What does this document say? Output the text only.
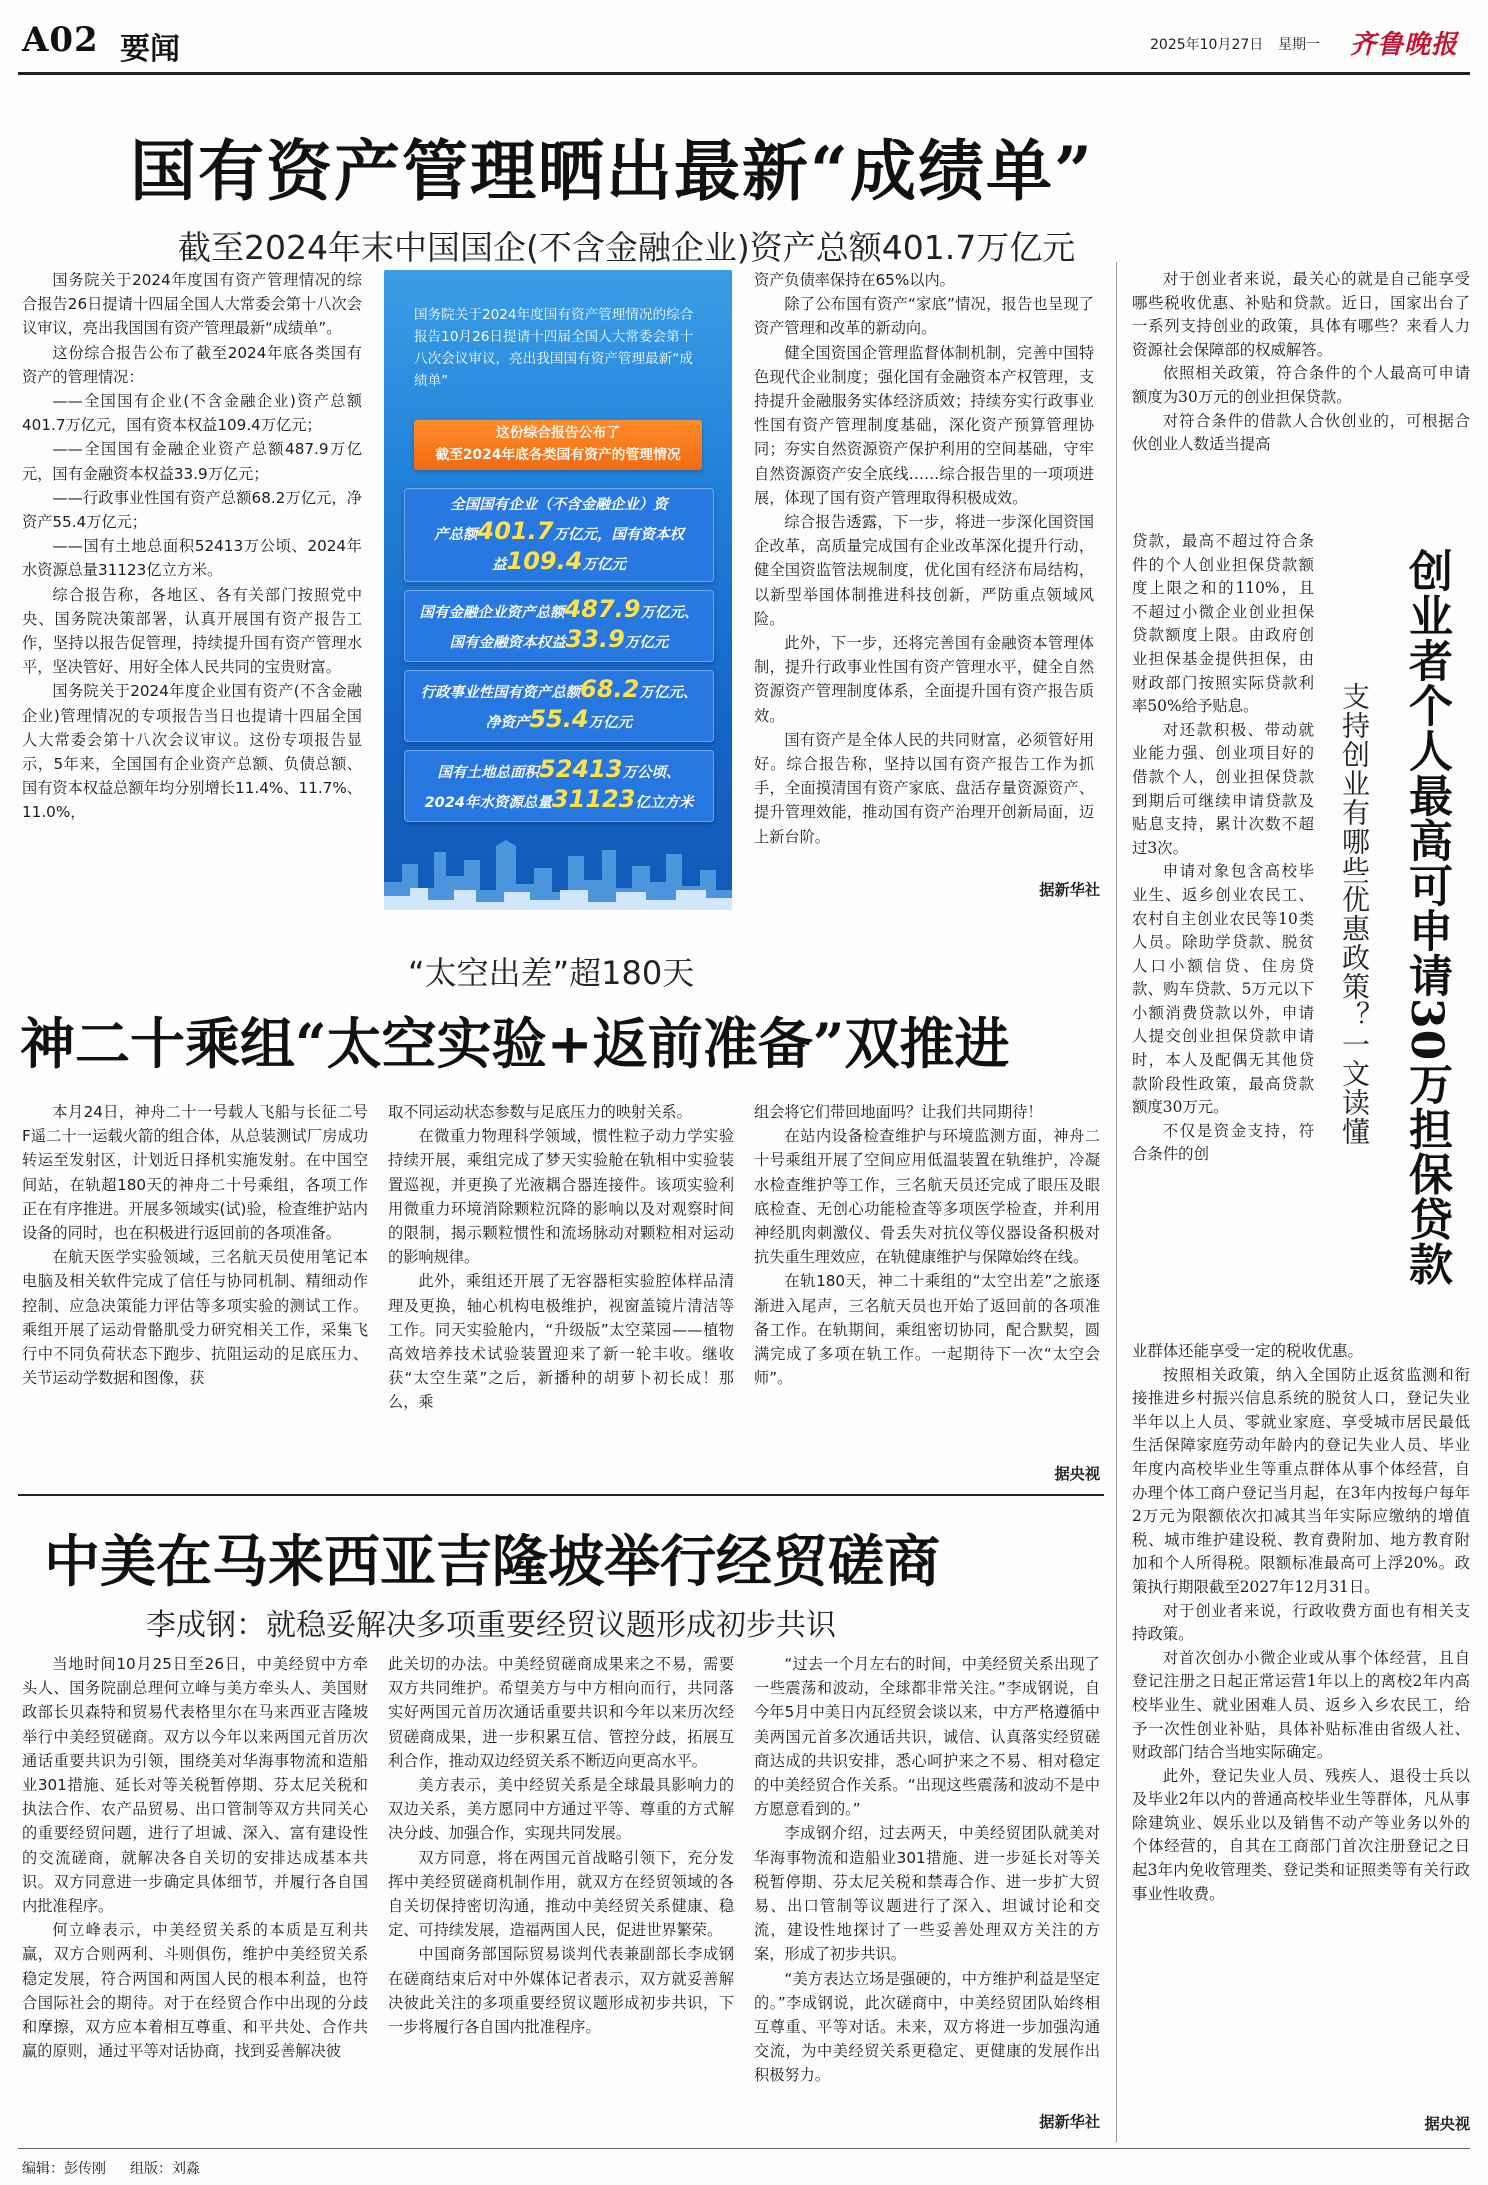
A02 要闻	2025年10月27日 星期一 齐鲁晚报
国有资产管理晒出最新“成绩单”
截至2024年末中国国企(不含金融企业)资产总额401.7万亿元

国务院关于2024年度国有资产管理情况的综合报告26日提请十四届全国人大常委会第十八次会议审议，亮出我国国有资产管理最新“成绩单”。

这份综合报告公布了截至2024年底各类国有资产的管理情况：

——全国国有企业(不含金融企业)资产总额401.7万亿元，国有资本权益109.4万亿元；

——全国国有金融企业资产总额487.9万亿元，国有金融资本权益33.9万亿元；

——行政事业性国有资产总额68.2万亿元，净资产55.4万亿元；

——国有土地总面积52413万公顷、2024年水资源总量31123亿立方米。

综合报告称，各地区、各有关部门按照党中央、国务院决策部署，认真开展国有资产报告工作，坚持以报告促管理，持续提升国有资产管理水平，坚决管好、用好全体人民共同的宝贵财富。

国务院关于2024年度企业国有资产(不含金融企业)管理情况的专项报告当日也提请十四届全国人大常委会第十八次会议审议。这份专项报告显示，5年来，全国国有企业资产总额、负债总额、国有资本权益总额年均分别增长11.4%、11.7%、11.0%，

国务院关于2024年度国有资产管理情况的综合报告10月26日提请十四届全国人大常委会第十八次会议审议，亮出我国国有资产管理最新“成绩单”
这份综合报告公布了
截至2024年底各类国有资产的管理情况
全国国有企业（不含金融企业）资
产总额401.7万亿元，国有资本权
益109.4万亿元
国有金融企业资产总额487.9万亿元、
国有金融资本权益33.9万亿元
行政事业性国有资产总额68.2万亿元、
净资产55.4万亿元
国有土地总面积52413万公顷、
2024年水资源总量31123亿立方米

资产负债率保持在65%以内。

除了公布国有资产“家底”情况，报告也呈现了资产管理和改革的新动向。

健全国资国企管理监督体制机制，完善中国特色现代企业制度；强化国有金融资本产权管理，支持提升金融服务实体经济质效；持续夯实行政事业性国有资产管理制度基础，深化资产预算管理协同；夯实自然资源资产保护利用的空间基础，守牢自然资源资产安全底线……综合报告里的一项项进展，体现了国有资产管理取得积极成效。

综合报告透露，下一步，将进一步深化国资国企改革，高质量完成国有企业改革深化提升行动，健全国资监管法规制度，优化国有经济布局结构，以新型举国体制推进科技创新，严防重点领域风险。

此外，下一步，还将完善国有金融资本管理体制，提升行政事业性国有资产管理水平，健全自然资源资产管理制度体系，全面提升国有资产报告质效。

国有资产是全体人民的共同财富，必须管好用好。综合报告称，坚持以国有资产报告工作为抓手，全面摸清国有资产家底、盘活存量资源资产、提升管理效能，推动国有资产治理开创新局面，迈上新台阶。

据新华社
“太空出差”超180天
神二十乘组“太空实验+返前准备”双推进

本月24日，神舟二十一号载人飞船与长征二号F遥二十一运载火箭的组合体，从总装测试厂房成功转运至发射区，计划近日择机实施发射。在中国空间站，在轨超180天的神舟二十号乘组，各项工作正在有序推进。开展多领域实(试)验，检查维护站内设备的同时，也在积极进行返回前的各项准备。

在航天医学实验领域，三名航天员使用笔记本电脑及相关软件完成了信任与协同机制、精细动作控制、应急决策能力评估等多项实验的测试工作。乘组开展了运动骨骼肌受力研究相关工作，采集飞行中不同负荷状态下跑步、抗阻运动的足底压力、关节运动学数据和图像，获

取不同运动状态参数与足底压力的映射关系。

在微重力物理科学领域，惯性粒子动力学实验持续开展，乘组完成了梦天实验舱在轨相中实验装置巡视，并更换了光液耦合器连接件。该项实验利用微重力环境消除颗粒沉降的影响以及对观察时间的限制，揭示颗粒惯性和流场脉动对颗粒相对运动的影响规律。

此外，乘组还开展了无容器柜实验腔体样品清理及更换，轴心机构电极维护，视窗盖镜片清洁等工作。同天实验舱内，“升级版”太空菜园——植物高效培养技术试验装置迎来了新一轮丰收。继收获“太空生菜”之后，新播种的胡萝卜初长成！那么，乘

组会将它们带回地面吗？让我们共同期待！

在站内设备检查维护与环境监测方面，神舟二十号乘组开展了空间应用低温装置在轨维护，冷凝水检查维护等工作，三名航天员还完成了眼压及眼底检查、无创心功能检查等多项医学检查，并利用神经肌肉刺激仪、骨丢失对抗仪等仪器设备积极对抗失重生理效应，在轨健康维护与保障始终在线。

在轨180天，神二十乘组的“太空出差”之旅逐渐进入尾声，三名航天员也开始了返回前的各项准备工作。在轨期间，乘组密切协同，配合默契，圆满完成了多项在轨工作。一起期待下一次“太空会师”。

据央视
中美在马来西亚吉隆坡举行经贸磋商
李成钢：就稳妥解决多项重要经贸议题形成初步共识

当地时间10月25日至26日，中美经贸中方牵头人、国务院副总理何立峰与美方牵头人、美国财政部长贝森特和贸易代表格里尔在马来西亚吉隆坡举行中美经贸磋商。双方以今年以来两国元首历次通话重要共识为引领，围绕美对华海事物流和造船业301措施、延长对等关税暂停期、芬太尼关税和执法合作、农产品贸易、出口管制等双方共同关心的重要经贸问题，进行了坦诚、深入、富有建设性的交流磋商，就解决各自关切的安排达成基本共识。双方同意进一步确定具体细节，并履行各自国内批准程序。

何立峰表示，中美经贸关系的本质是互利共赢，双方合则两利、斗则俱伤，维护中美经贸关系稳定发展，符合两国和两国人民的根本利益，也符合国际社会的期待。对于在经贸合作中出现的分歧和摩擦，双方应本着相互尊重、和平共处、合作共赢的原则，通过平等对话协商，找到妥善解决彼

此关切的办法。中美经贸磋商成果来之不易，需要双方共同维护。希望美方与中方相向而行，共同落实好两国元首历次通话重要共识和今年以来历次经贸磋商成果，进一步积累互信、管控分歧，拓展互利合作，推动双边经贸关系不断迈向更高水平。

美方表示，美中经贸关系是全球最具影响力的双边关系，美方愿同中方通过平等、尊重的方式解决分歧、加强合作，实现共同发展。

双方同意，将在两国元首战略引领下，充分发挥中美经贸磋商机制作用，就双方在经贸领域的各自关切保持密切沟通，推动中美经贸关系健康、稳定、可持续发展，造福两国人民，促进世界繁荣。

中国商务部国际贸易谈判代表兼副部长李成钢在磋商结束后对中外媒体记者表示，双方就妥善解决彼此关注的多项重要经贸议题形成初步共识，下一步将履行各自国内批准程序。

“过去一个月左右的时间，中美经贸关系出现了一些震荡和波动，全球都非常关注。”李成钢说，自今年5月中美日内瓦经贸会谈以来，中方严格遵循中美两国元首多次通话共识，诚信、认真落实经贸磋商达成的共识安排，悉心呵护来之不易、相对稳定的中美经贸合作关系。“出现这些震荡和波动不是中方愿意看到的。”

李成钢介绍，过去两天，中美经贸团队就美对华海事物流和造船业301措施、进一步延长对等关税暂停期、芬太尼关税和禁毒合作、进一步扩大贸易、出口管制等议题进行了深入、坦诚讨论和交流，建设性地探讨了一些妥善处理双方关注的方案，形成了初步共识。

“美方表达立场是强硬的，中方维护利益是坚定的。”李成钢说，此次磋商中，中美经贸团队始终相互尊重、平等对话。未来，双方将进一步加强沟通交流，为中美经贸关系更稳定、更健康的发展作出积极努力。

据新华社

对于创业者来说，最关心的就是自己能享受哪些税收优惠、补贴和贷款。近日，国家出台了一系列支持创业的政策，具体有哪些？来看人力资源社会保障部的权威解答。

依照相关政策，符合条件的个人最高可申请额度为30万元的创业担保贷款。

对符合条件的借款人合伙创业的，可根据合伙创业人数适当提高

贷款，最高不超过符合条件的个人创业担保贷款额度上限之和的110%，且不超过小微企业创业担保贷款额度上限。由政府创业担保基金提供担保，由财政部门按照实际贷款利率50%给予贴息。

对还款积极、带动就业能力强、创业项目好的借款个人，创业担保贷款到期后可继续申请贷款及贴息支持，累计次数不超过3次。

申请对象包含高校毕业生、返乡创业农民工、农村自主创业农民等10类人员。除助学贷款、脱贫人口小额信贷、住房贷款、购车贷款、5万元以下小额消费贷款以外，申请人提交创业担保贷款申请时，本人及配偶无其他贷款阶段性政策，最高贷款额度30万元。

不仅是资金支持，符合条件的创

支持创业有哪些优惠政策？一文读懂 创业者个人最高可申请30万担保贷款

业群体还能享受一定的税收优惠。

按照相关政策，纳入全国防止返贫监测和衔接推进乡村振兴信息系统的脱贫人口，登记失业半年以上人员、零就业家庭、享受城市居民最低生活保障家庭劳动年龄内的登记失业人员、毕业年度内高校毕业生等重点群体从事个体经营，自办理个体工商户登记当月起，在3年内按每户每年2万元为限额依次扣减其当年实际应缴纳的增值税、城市维护建设税、教育费附加、地方教育附加和个人所得税。限额标准最高可上浮20%。政策执行期限截至2027年12月31日。

对于创业者来说，行政收费方面也有相关支持政策。

对首次创办小微企业或从事个体经营，且自登记注册之日起正常运营1年以上的离校2年内高校毕业生、就业困难人员、返乡入乡农民工，给予一次性创业补贴，具体补贴标准由省级人社、财政部门结合当地实际确定。

此外，登记失业人员、残疾人、退役士兵以及毕业2年以内的普通高校毕业生等群体，凡从事除建筑业、娱乐业以及销售不动产等业务以外的个体经营的，自其在工商部门首次注册登记之日起3年内免收管理类、登记类和证照类等有关行政事业性收费。

据央视
编辑：彭传刚 组版：刘淼
